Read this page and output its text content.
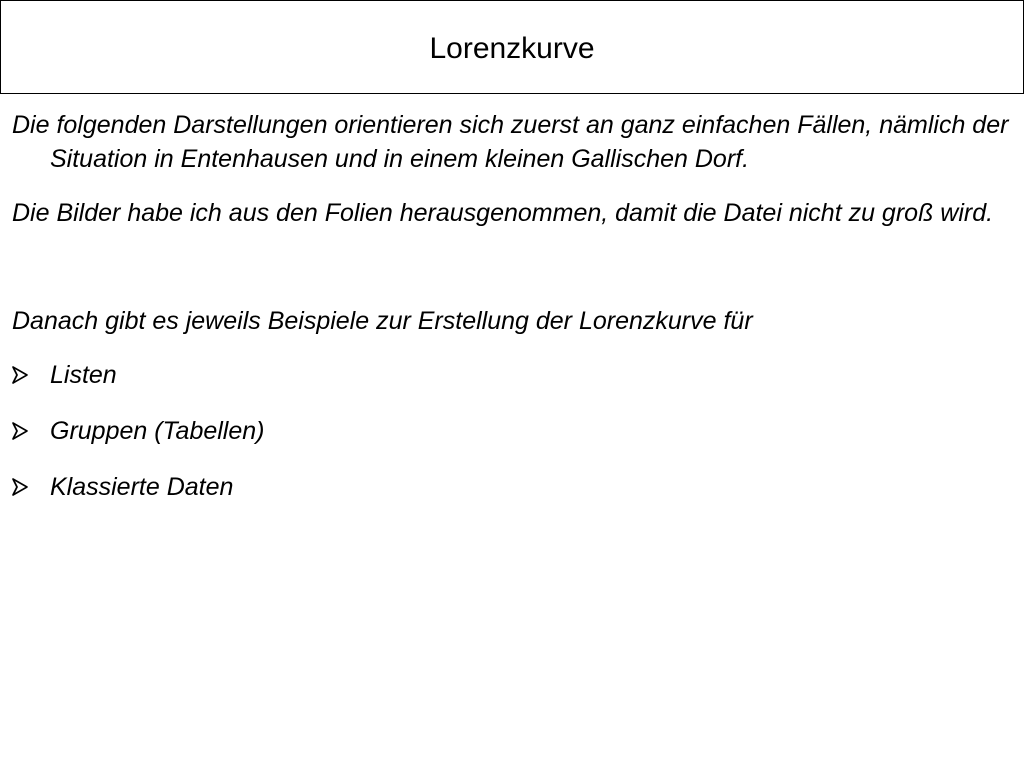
Lorenzkurve

Die folgenden Darstellungen orientieren sich zuerst an ganz einfachen Fällen, nämlich der Situation in Entenhausen und in einem kleinen Gallischen Dorf.

Die Bilder habe ich aus den Folien herausgenommen, damit die Datei nicht zu groß wird.

Danach gibt es jeweils Beispiele zur Erstellung der Lorenzkurve für

Listen
Gruppen (Tabellen)
Klassierte Daten
